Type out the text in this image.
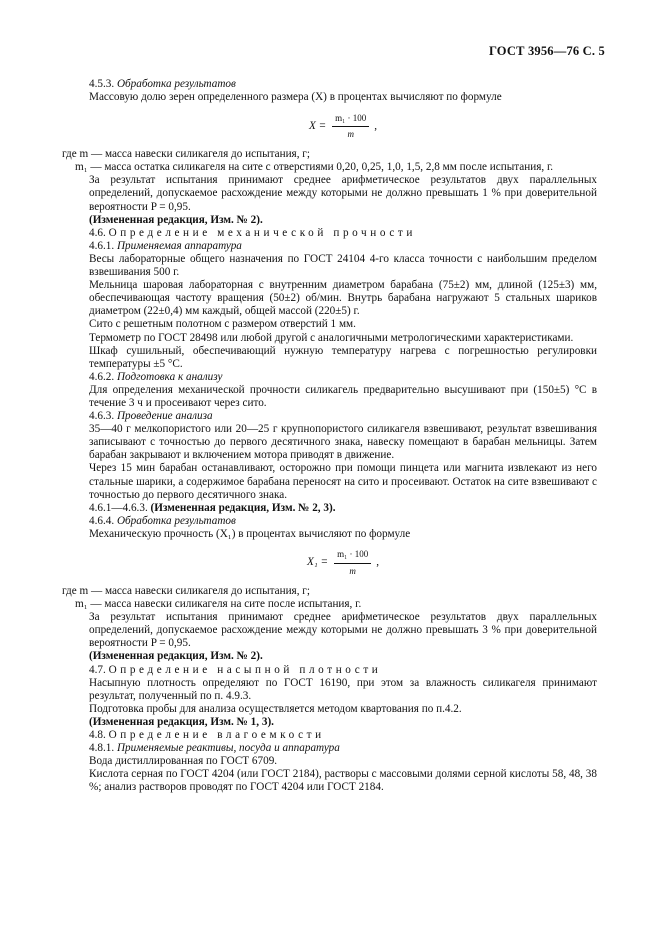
ГОСТ 3956—76 С. 5

4.5.3. Обработка результатов

Массовую долю зерен определенного размера (X) в процентах вычисляют по формуле

$X = \frac{\text{m₁ · 100}}{m}$ ,

где m — масса навески силикагеля до испытания, г;

m₁ — масса остатка силикагеля на сите с отверстиями 0,20, 0,25, 1,0, 1,5, 2,8 мм после испытания, г.

За результат испытания принимают среднее арифметическое результатов двух параллельных определений, допускаемое расхождение между которыми не должно превышать 1 % при доверительной вероятности P = 0,95.

(Измененная редакция, Изм. № 2).

4.6. Определение механической прочности

4.6.1. Применяемая аппаратура

Весы лабораторные общего назначения по ГОСТ 24104 4-го класса точности с наибольшим пределом взвешивания 500 г.

Мельница шаровая лабораторная с внутренним диаметром барабана (75±2) мм, длиной (125±3) мм, обеспечивающая частоту вращения (50±2) об/мин. Внутрь барабана нагружают 5 стальных шариков диаметром (22±0,4) мм каждый, общей массой (220±5) г.

Сито с решетным полотном с размером отверстий 1 мм.

Термометр по ГОСТ 28498 или любой другой с аналогичными метрологическими характеристиками.

Шкаф сушильный, обеспечивающий нужную температуру нагрева с погрешностью регулировки температуры ±5 °С.

4.6.2. Подготовка к анализу

Для определения механической прочности силикагель предварительно высушивают при (150±5) °С в течение 3 ч и просеивают через сито.

4.6.3. Проведение анализа

35—40 г мелкопористого или 20—25 г крупнопористого силикагеля взвешивают, результат взвешивания записывают с точностью до первого десятичного знака, навеску помещают в барабан мельницы. Затем барабан закрывают и включением мотора приводят в движение.

Через 15 мин барабан останавливают, осторожно при помощи пинцета или магнита извлекают из него стальные шарики, а содержимое барабана переносят на сито и просеивают. Остаток на сите взвешивают с точностью до первого десятичного знака.

4.6.1—4.6.3. (Измененная редакция, Изм. № 2, 3).

4.6.4. Обработка результатов

Механическую прочность (X₁) в процентах вычисляют по формуле

$X_1 = \frac{\text{m₁ · 100}}{m}$ ,

где m — масса навески силикагеля до испытания, г;

m₁ — масса навески силикагеля на сите после испытания, г.

За результат испытания принимают среднее арифметическое результатов двух параллельных определений, допускаемое расхождение между которыми не должно превышать 3 % при доверительной вероятности P = 0,95.

(Измененная редакция, Изм. № 2).

4.7. Определение насыпной плотности

Насыпную плотность определяют по ГОСТ 16190, при этом за влажность силикагеля принимают результат, полученный по п. 4.9.3.

Подготовка пробы для анализа осуществляется методом квартования по п.4.2.

(Измененная редакция, Изм. № 1, 3).

4.8. Определение влагоемкости

4.8.1. Применяемые реактивы, посуда и аппаратура

Вода дистиллированная по ГОСТ 6709.

Кислота серная по ГОСТ 4204 (или ГОСТ 2184), растворы с массовыми долями серной кислоты 58, 48, 38 %; анализ растворов проводят по ГОСТ 4204 или ГОСТ 2184.
